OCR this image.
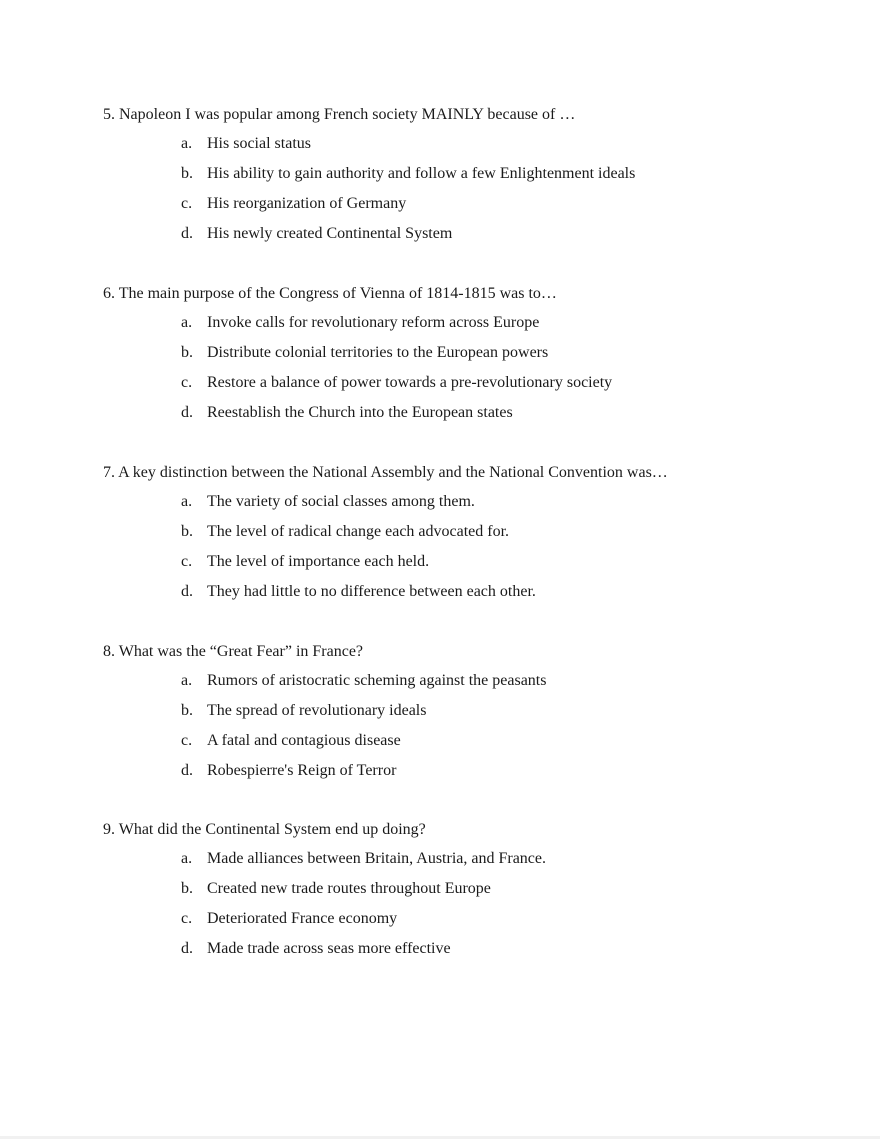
5. Napoleon I was popular among French society MAINLY because of …
a. His social status
b. His ability to gain authority and follow a few Enlightenment ideals
c. His reorganization of Germany
d. His newly created Continental System
6. The main purpose of the Congress of Vienna of 1814-1815 was to…
a. Invoke calls for revolutionary reform across Europe
b. Distribute colonial territories to the European powers
c. Restore a balance of power towards a pre-revolutionary society
d. Reestablish the Church into the European states
7. A key distinction between the National Assembly and the National Convention was…
a. The variety of social classes among them.
b. The level of radical change each advocated for.
c. The level of importance each held.
d. They had little to no difference between each other.
8. What was the “Great Fear” in France?
a. Rumors of aristocratic scheming against the peasants
b. The spread of revolutionary ideals
c. A fatal and contagious disease
d. Robespierre's Reign of Terror
9. What did the Continental System end up doing?
a. Made alliances between Britain, Austria, and France.
b. Created new trade routes throughout Europe
c. Deteriorated France economy
d. Made trade across seas more effective
